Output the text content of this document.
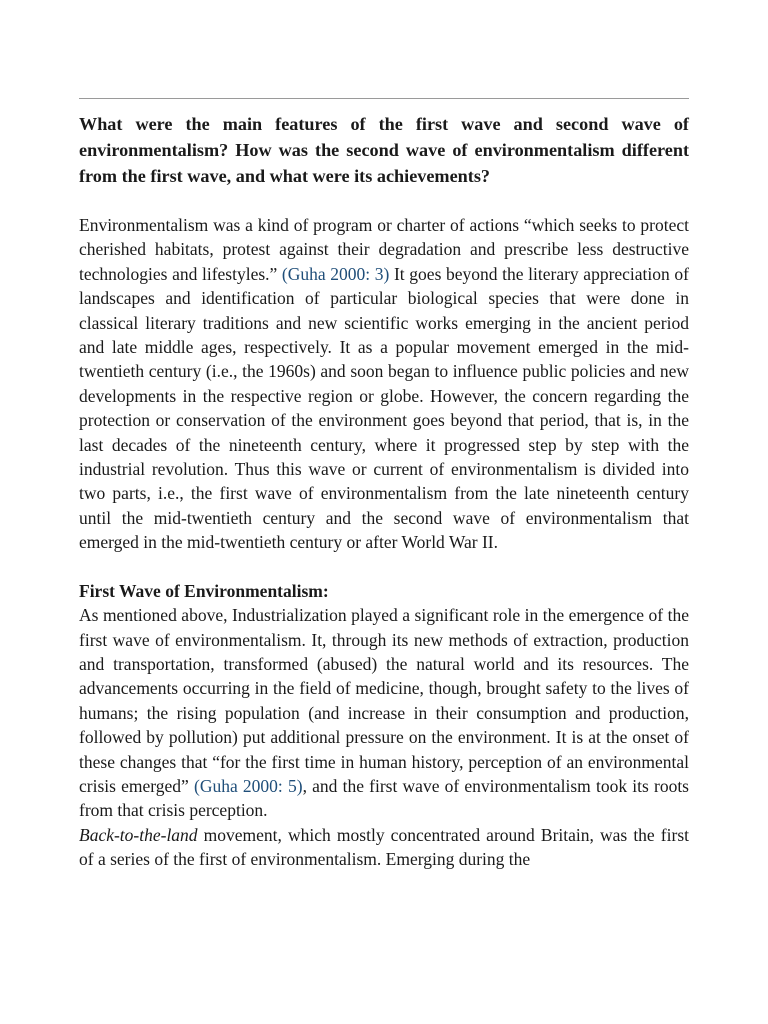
What were the main features of the first wave and second wave of environmentalism? How was the second wave of environmentalism different from the first wave, and what were its achievements?

Environmentalism was a kind of program or charter of actions “which seeks to protect cherished habitats, protest against their degradation and prescribe less destructive technologies and lifestyles.” (Guha 2000: 3) It goes beyond the literary appreciation of landscapes and identification of particular biological species that were done in classical literary traditions and new scientific works emerging in the ancient period and late middle ages, respectively. It as a popular movement emerged in the mid-twentieth century (i.e., the 1960s) and soon began to influence public policies and new developments in the respective region or globe. However, the concern regarding the protection or conservation of the environment goes beyond that period, that is, in the last decades of the nineteenth century, where it progressed step by step with the industrial revolution. Thus this wave or current of environmentalism is divided into two parts, i.e., the first wave of environmentalism from the late nineteenth century until the mid-twentieth century and the second wave of environmentalism that emerged in the mid-twentieth century or after World War II.

First Wave of Environmentalism:

As mentioned above, Industrialization played a significant role in the emergence of the first wave of environmentalism. It, through its new methods of extraction, production and transportation, transformed (abused) the natural world and its resources. The advancements occurring in the field of medicine, though, brought safety to the lives of humans; the rising population (and increase in their consumption and production, followed by pollution) put additional pressure on the environment. It is at the onset of these changes that “for the first time in human history, perception of an environmental crisis emerged” (Guha 2000: 5), and the first wave of environmentalism took its roots from that crisis perception.

Back-to-the-land movement, which mostly concentrated around Britain, was the first of a series of the first of environmentalism. Emerging during the
